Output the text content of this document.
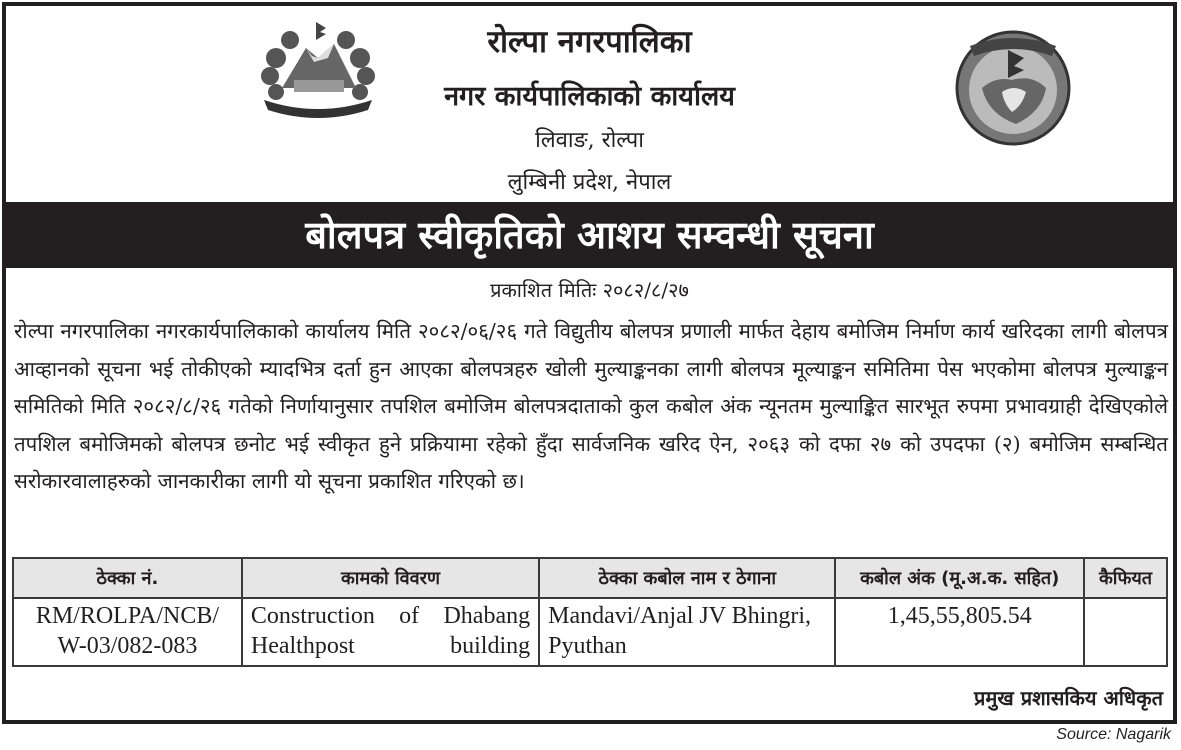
रोल्पा नगरपालिका
नगर कार्यपालिकाको कार्यालय
लिवाङ, रोल्पा
लुम्बिनी प्रदेश, नेपाल
बोलपत्र स्वीकृतिको आशय सम्वन्धी सूचना
प्रकाशित मितिः २०८२/८/२७
रोल्पा नगरपालिका नगरकार्यपालिकाको कार्यालय मिति २०८२/०६/२६ गते विद्युतीय बोलपत्र प्रणाली मार्फत देहाय बमोजिम निर्माण कार्य खरिदका लागी बोलपत्र आव्हानको सूचना भई तोकीएको म्यादभित्र दर्ता हुन आएका बोलपत्रहरु खोली मुल्याङ्कनका लागी बोलपत्र मूल्याङ्कन समितिमा पेस भएकोमा बोलपत्र मुल्याङ्कन समितिको मिति २०८२/८/२६ गतेको निर्णायानुसार तपशिल बमोजिम बोलपत्रदाताको कुल कबोल अंक न्यूनतम मुल्याङ्कित सारभूत रुपमा प्रभावग्राही देखिएकोले तपशिल बमोजिमको बोलपत्र छनोट भई स्वीकृत हुने प्रक्रियामा रहेको हुँदा सार्वजनिक खरिद ऐन, २०६३ को दफा २७ को उपदफा (२) बमोजिम सम्बन्धित सरोकारवालाहरुको जानकारीका लागी यो सूचना प्रकाशित गरिएको छ।
ठेक्का नं.	कामको विवरण	ठेक्का कबोल नाम र ठेगाना	कबोल अंक (मू.अ.क. सहित)	कैफियत
RM/ROLPA/NCB/ W-03/082-083	Construction of Dhabang Healthpost building	Mandavi/Anjal JV Bhingri, Pyuthan	1,45,55,805.54	
प्रमुख प्रशासकिय अधिकृत
Source: Nagarik
